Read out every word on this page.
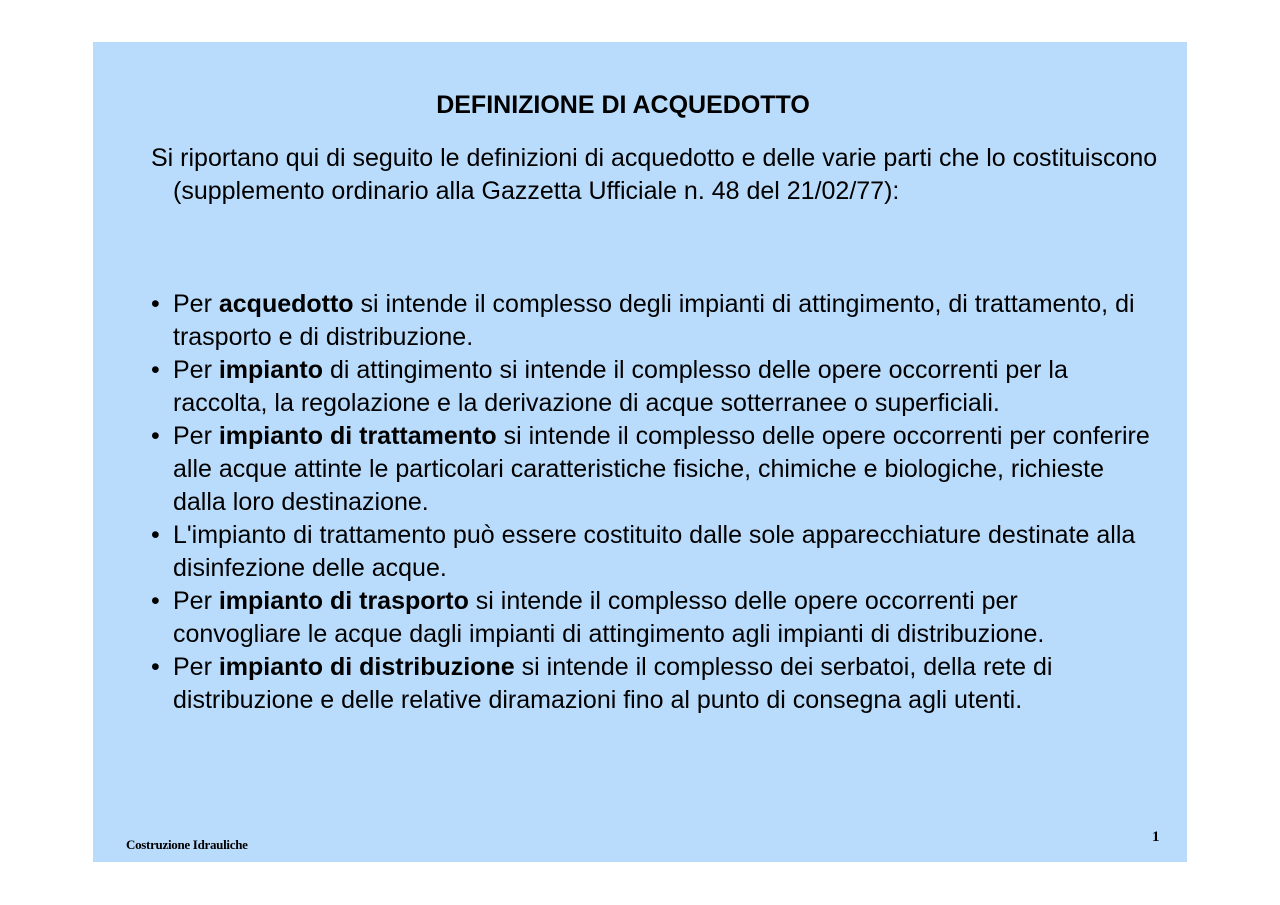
DEFINIZIONE DI ACQUEDOTTO
Si riportano qui di seguito le definizioni di acquedotto e delle varie parti che lo costituiscono (supplemento ordinario alla Gazzetta Ufficiale n. 48 del 21/02/77):
• Per acquedotto si intende il complesso degli impianti di attingimento, di trattamento, di trasporto e di distribuzione.
• Per impianto di attingimento si intende il complesso delle opere occorrenti per la raccolta, la regolazione e la derivazione di acque sotterranee o superficiali.
• Per impianto di trattamento si intende il complesso delle opere occorrenti per conferire alle acque attinte le particolari caratteristiche fisiche, chimiche e biologiche, richieste dalla loro destinazione.
• L'impianto di trattamento può essere costituito dalle sole apparecchiature destinate alla disinfezione delle acque.
• Per impianto di trasporto si intende il complesso delle opere occorrenti per convogliare le acque dagli impianti di attingimento agli impianti di distribuzione.
• Per impianto di distribuzione si intende il complesso dei serbatoi, della rete di distribuzione e delle relative diramazioni fino al punto di consegna agli utenti.
Costruzione Idrauliche	1
